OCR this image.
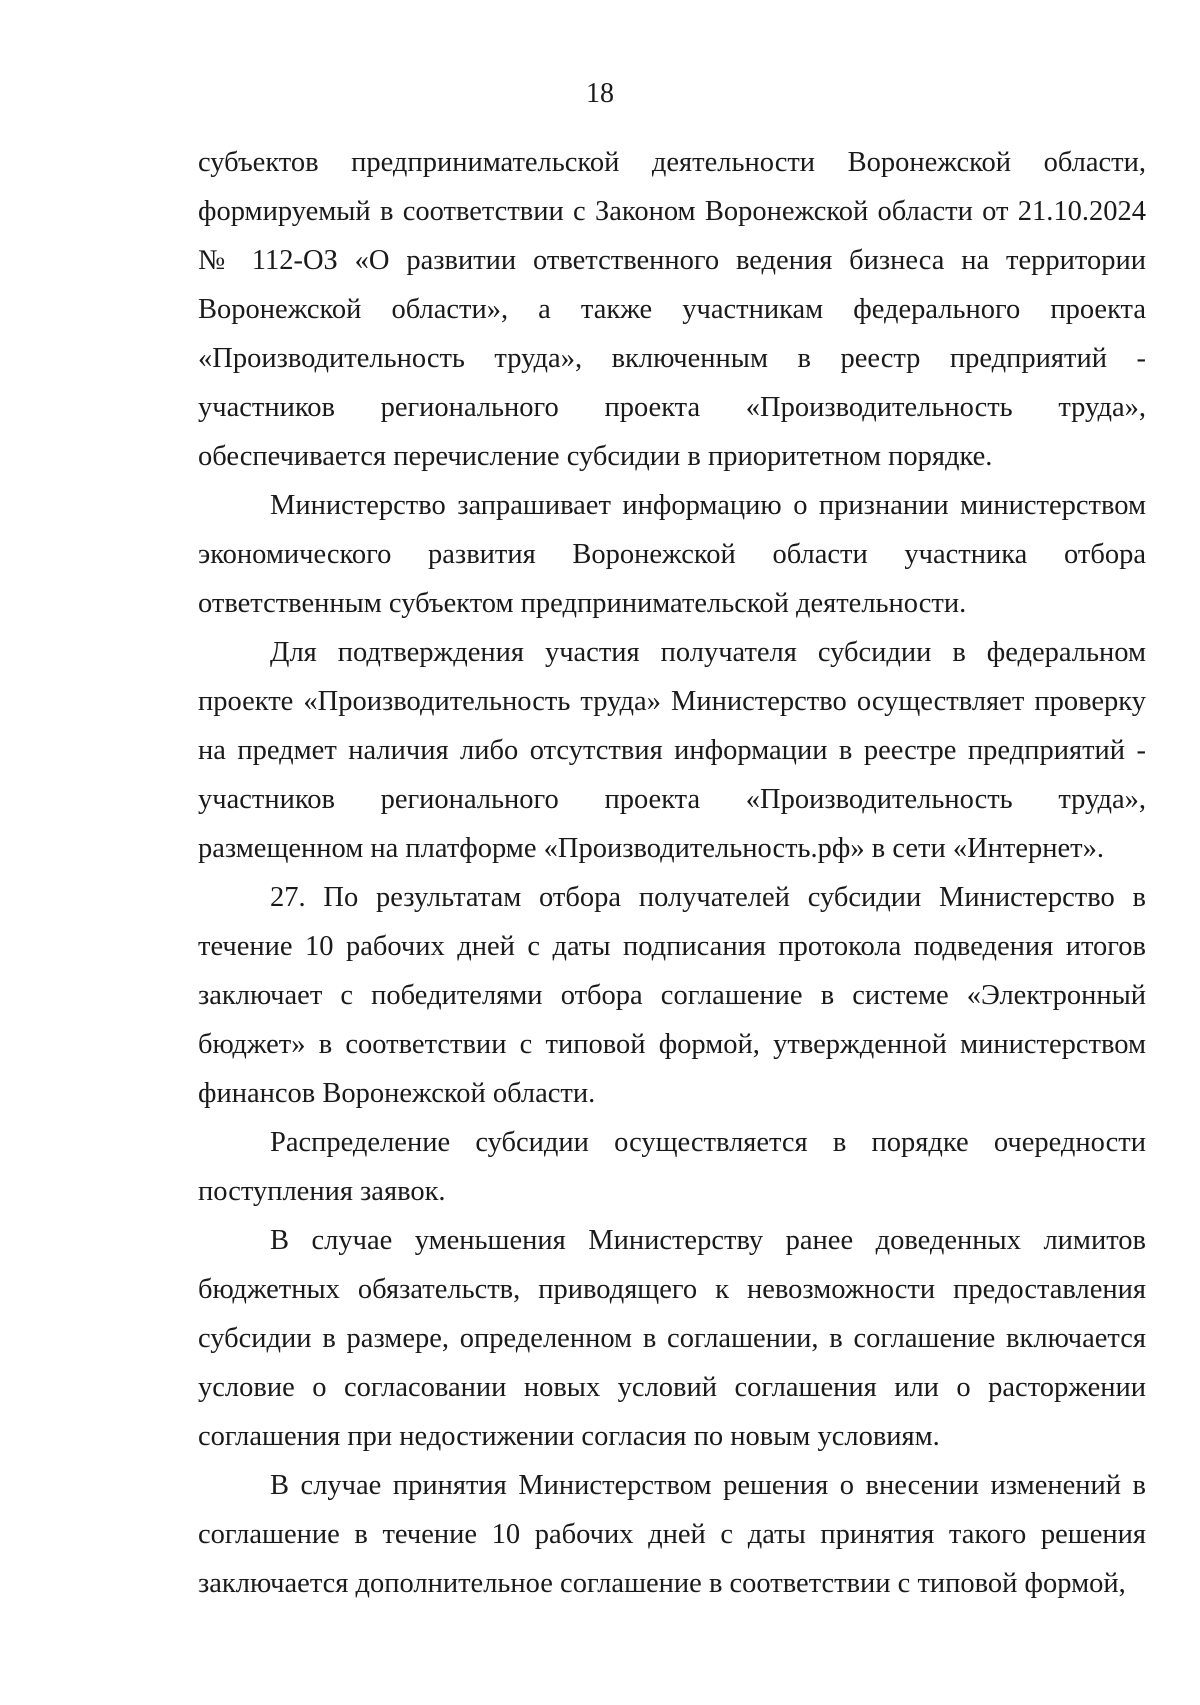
18

субъектов предпринимательской деятельности Воронежской области, формируемый в соответствии с Законом Воронежской области от 21.10.2024 № 112-ОЗ «О развитии ответственного ведения бизнеса на территории Воронежской области», а также участникам федерального проекта «Производительность труда», включенным в реестр предприятий - участников регионального проекта «Производительность труда», обеспечивается перечисление субсидии в приоритетном порядке.

Министерство запрашивает информацию о признании министерством экономического развития Воронежской области участника отбора ответственным субъектом предпринимательской деятельности.

Для подтверждения участия получателя субсидии в федеральном проекте «Производительность труда» Министерство осуществляет проверку на предмет наличия либо отсутствия информации в реестре предприятий - участников регионального проекта «Производительность труда», размещенном на платформе «Производительность.рф» в сети «Интернет».

27. По результатам отбора получателей субсидии Министерство в течение 10 рабочих дней с даты подписания протокола подведения итогов заключает с победителями отбора соглашение в системе «Электронный бюджет» в соответствии с типовой формой, утвержденной министерством финансов Воронежской области.

Распределение субсидии осуществляется в порядке очередности поступления заявок.

В случае уменьшения Министерству ранее доведенных лимитов бюджетных обязательств, приводящего к невозможности предоставления субсидии в размере, определенном в соглашении, в соглашение включается условие о согласовании новых условий соглашения или о расторжении соглашения при недостижении согласия по новым условиям.

В случае принятия Министерством решения о внесении изменений в соглашение в течение 10 рабочих дней с даты принятия такого решения заключается дополнительное соглашение в соответствии с типовой формой,
